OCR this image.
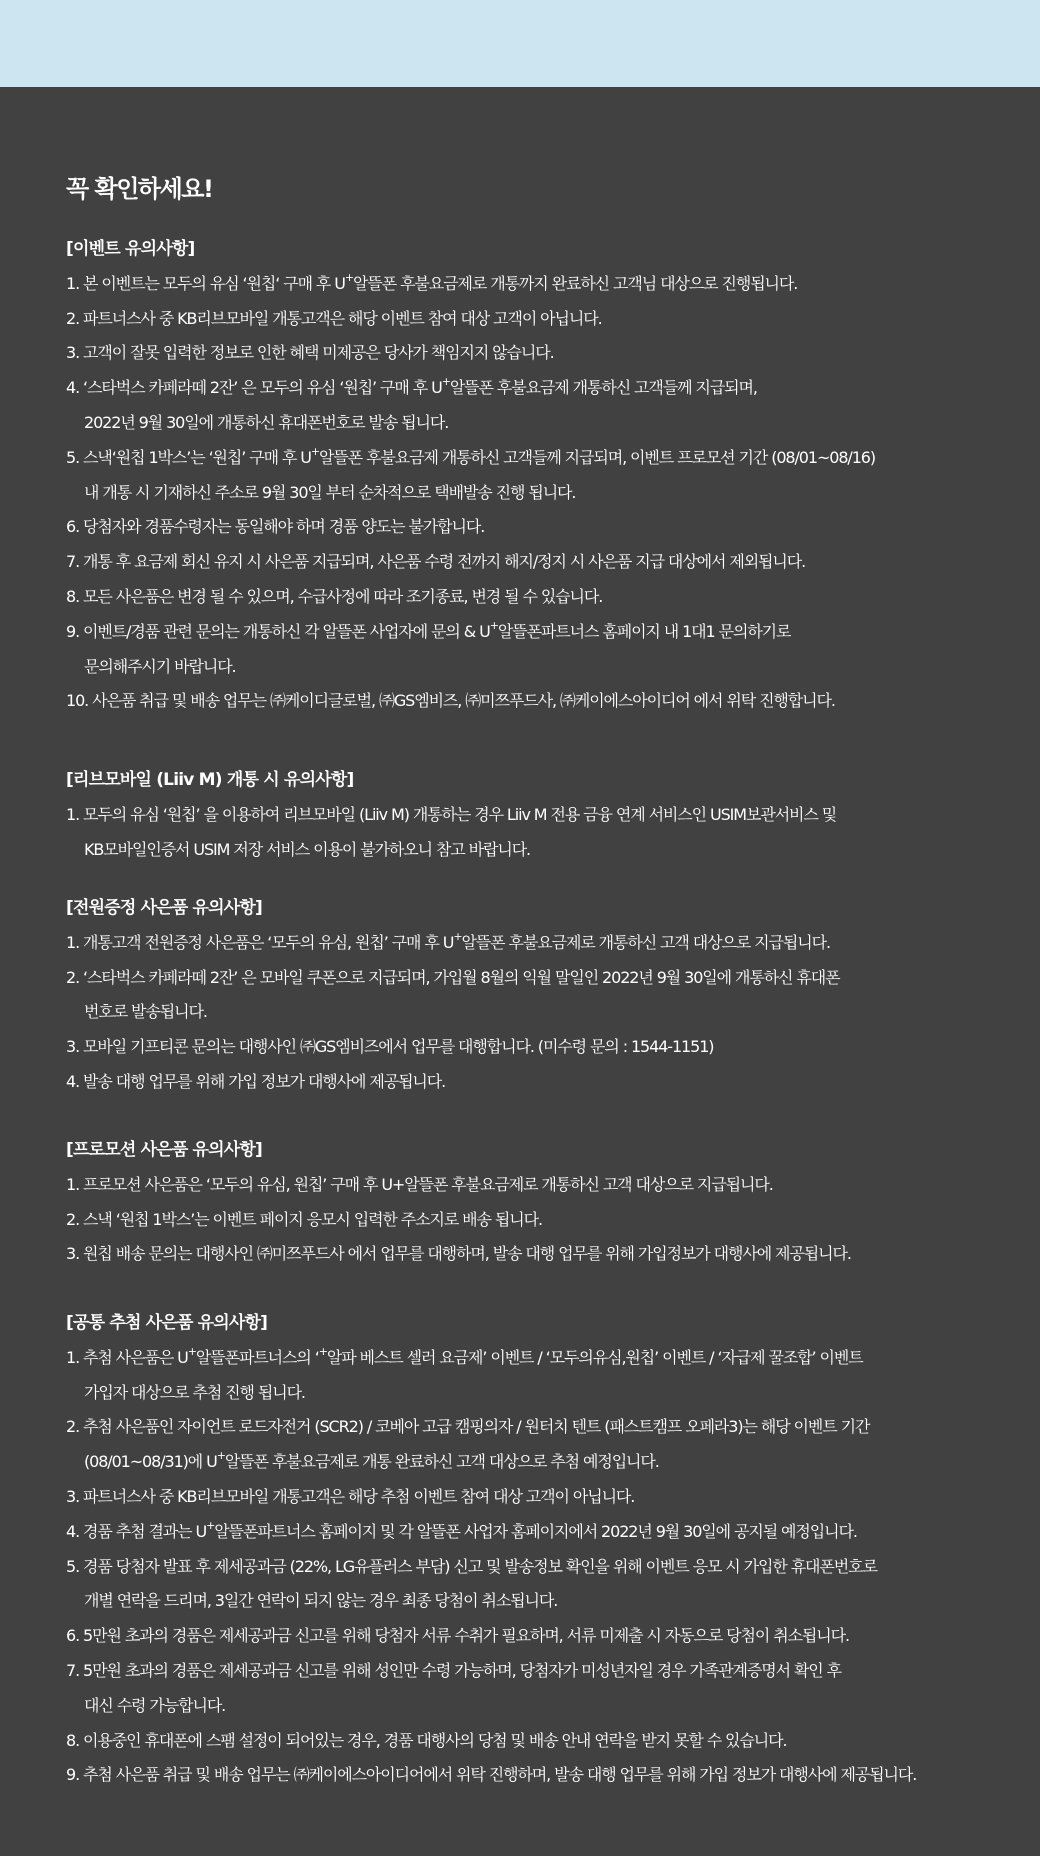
꼭 확인하세요!
[이벤트 유의사항]
1. 본 이벤트는 모두의 유심 ‘원칩‘ 구매 후 U+알뜰폰 후불요금제로 개통까지 완료하신 고객님 대상으로 진행됩니다.
2. 파트너스사 중 KB리브모바일 개통고객은 해당 이벤트 참여 대상 고객이 아닙니다.
3. 고객이 잘못 입력한 정보로 인한 혜택 미제공은 당사가 책임지지 않습니다.
4. ‘스타벅스 카페라떼 2잔’ 은 모두의 유심 ‘원칩’ 구매 후 U+알뜰폰 후불요금제 개통하신 고객들께 지급되며,
2022년 9월 30일에 개통하신 휴대폰번호로 발송 됩니다.
5. 스낵‘원칩 1박스’는 ‘원칩’ 구매 후 U+알뜰폰 후불요금제 개통하신 고객들께 지급되며, 이벤트 프로모션 기간 (08/01~08/16)
내 개통 시 기재하신 주소로 9월 30일 부터 순차적으로 택배발송 진행 됩니다.
6. 당첨자와 경품수령자는 동일해야 하며 경품 양도는 불가합니다.
7. 개통 후 요금제 회신 유지 시 사은품 지급되며, 사은품 수령 전까지 해지/정지 시 사은품 지급 대상에서 제외됩니다.
8. 모든 사은품은 변경 될 수 있으며, 수급사정에 따라 조기종료, 변경 될 수 있습니다.
9. 이벤트/경품 관련 문의는 개통하신 각 알뜰폰 사업자에 문의 & U+알뜰폰파트너스 홈페이지 내 1대1 문의하기로
문의해주시기 바랍니다.
10. 사은품 취급 및 배송 업무는 ㈜케이디글로벌, ㈜GS엠비즈, ㈜미쯔푸드사, ㈜케이에스아이디어 에서 위탁 진행합니다.
[리브모바일 (Liiv M) 개통 시 유의사항]
1. 모두의 유심 ‘원칩’ 을 이용하여 리브모바일 (Liiv M) 개통하는 경우 Liiv M 전용 금융 연계 서비스인 USIM보관서비스 및
KB모바일인증서 USIM 저장 서비스 이용이 불가하오니 참고 바랍니다.
[전원증정 사은품 유의사항]
1. 개통고객 전원증정 사은품은 ‘모두의 유심, 원칩’ 구매 후 U+알뜰폰 후불요금제로 개통하신 고객 대상으로 지급됩니다.
2. ‘스타벅스 카페라떼 2잔’ 은 모바일 쿠폰으로 지급되며, 가입월 8월의 익월 말일인 2022년 9월 30일에 개통하신 휴대폰
번호로 발송됩니다.
3. 모바일 기프티콘 문의는 대행사인 ㈜GS엠비즈에서 업무를 대행합니다. (미수령 문의 : 1544-1151)
4. 발송 대행 업무를 위해 가입 정보가 대행사에 제공됩니다.
[프로모션 사은품 유의사항]
1. 프로모션 사은품은 ‘모두의 유심, 원칩’ 구매 후 U+알뜰폰 후불요금제로 개통하신 고객 대상으로 지급됩니다.
2. 스낵 ‘원칩 1박스’는 이벤트 페이지 응모시 입력한 주소지로 배송 됩니다.
3. 원칩 배송 문의는 대행사인 ㈜미쯔푸드사 에서 업무를 대행하며, 발송 대행 업무를 위해 가입정보가 대행사에 제공됩니다.
[공통 추첨 사은품 유의사항]
1. 추첨 사은품은 U+알뜰폰파트너스의 ‘+알파 베스트 셀러 요금제’ 이벤트 / ‘모두의유심,원칩’ 이벤트 / ‘자급제 꿀조합’ 이벤트
가입자 대상으로 추첨 진행 됩니다.
2. 추첨 사은품인 자이언트 로드자전거 (SCR2) / 코베아 고급 캠핑의자 / 원터치 텐트 (패스트캠프 오페라3)는 해당 이벤트 기간
(08/01~08/31)에 U+알뜰폰 후불요금제로 개통 완료하신 고객 대상으로 추첨 예정입니다.
3. 파트너스사 중 KB리브모바일 개통고객은 해당 추첨 이벤트 참여 대상 고객이 아닙니다.
4. 경품 추첨 결과는 U+알뜰폰파트너스 홈페이지 및 각 알뜰폰 사업자 홈페이지에서 2022년 9월 30일에 공지될 예정입니다.
5. 경품 당첨자 발표 후 제세공과금 (22%, LG유플러스 부담) 신고 및 발송정보 확인을 위해 이벤트 응모 시 가입한 휴대폰번호로
개별 연락을 드리며, 3일간 연락이 되지 않는 경우 최종 당첨이 취소됩니다.
6. 5만원 초과의 경품은 제세공과금 신고를 위해 당첨자 서류 수취가 필요하며, 서류 미제출 시 자동으로 당첨이 취소됩니다.
7. 5만원 초과의 경품은 제세공과금 신고를 위해 성인만 수령 가능하며, 당첨자가 미성년자일 경우 가족관계증명서 확인 후
대신 수령 가능합니다.
8. 이용중인 휴대폰에 스팸 설정이 되어있는 경우, 경품 대행사의 당첨 및 배송 안내 연락을 받지 못할 수 있습니다.
9. 추첨 사은품 취급 및 배송 업무는 ㈜케이에스아이디어에서 위탁 진행하며, 발송 대행 업무를 위해 가입 정보가 대행사에 제공됩니다.
